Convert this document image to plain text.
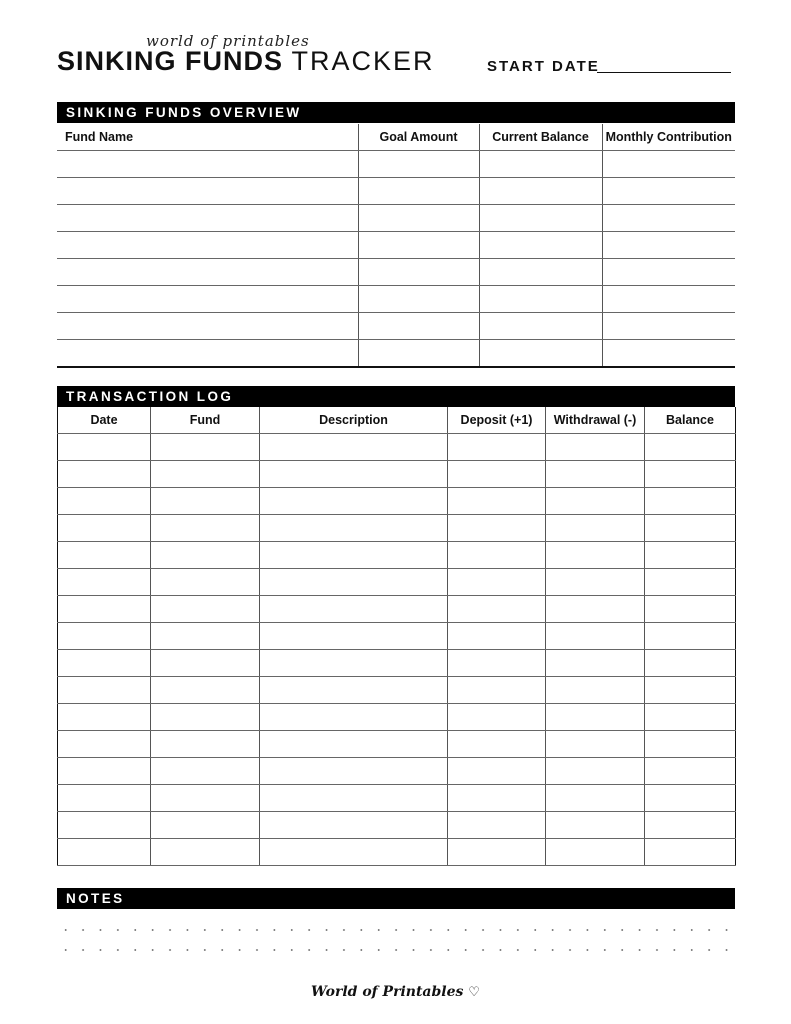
world of printables
SINKING FUNDS TRACKER	START DATE
SINKING FUNDS OVERVIEW
Fund Name	Goal Amount	Current Balance	Monthly Contribution

TRANSACTION LOG
Date	Fund	Description	Deposit (+1)	Withdrawal (-)	Balance

NOTES
World of Printables ♡
